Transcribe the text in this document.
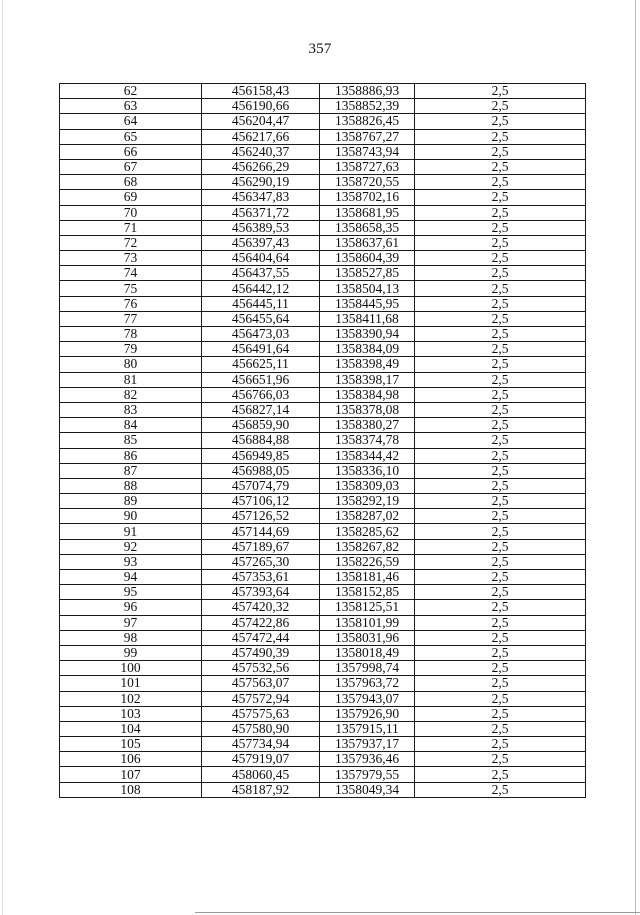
357
62	456158,43	1358886,93	2,5
63	456190,66	1358852,39	2,5
64	456204,47	1358826,45	2,5
65	456217,66	1358767,27	2,5
66	456240,37	1358743,94	2,5
67	456266,29	1358727,63	2,5
68	456290,19	1358720,55	2,5
69	456347,83	1358702,16	2,5
70	456371,72	1358681,95	2,5
71	456389,53	1358658,35	2,5
72	456397,43	1358637,61	2,5
73	456404,64	1358604,39	2,5
74	456437,55	1358527,85	2,5
75	456442,12	1358504,13	2,5
76	456445,11	1358445,95	2,5
77	456455,64	1358411,68	2,5
78	456473,03	1358390,94	2,5
79	456491,64	1358384,09	2,5
80	456625,11	1358398,49	2,5
81	456651,96	1358398,17	2,5
82	456766,03	1358384,98	2,5
83	456827,14	1358378,08	2,5
84	456859,90	1358380,27	2,5
85	456884,88	1358374,78	2,5
86	456949,85	1358344,42	2,5
87	456988,05	1358336,10	2,5
88	457074,79	1358309,03	2,5
89	457106,12	1358292,19	2,5
90	457126,52	1358287,02	2,5
91	457144,69	1358285,62	2,5
92	457189,67	1358267,82	2,5
93	457265,30	1358226,59	2,5
94	457353,61	1358181,46	2,5
95	457393,64	1358152,85	2,5
96	457420,32	1358125,51	2,5
97	457422,86	1358101,99	2,5
98	457472,44	1358031,96	2,5
99	457490,39	1358018,49	2,5
100	457532,56	1357998,74	2,5
101	457563,07	1357963,72	2,5
102	457572,94	1357943,07	2,5
103	457575,63	1357926,90	2,5
104	457580,90	1357915,11	2,5
105	457734,94	1357937,17	2,5
106	457919,07	1357936,46	2,5
107	458060,45	1357979,55	2,5
108	458187,92	1358049,34	2,5
